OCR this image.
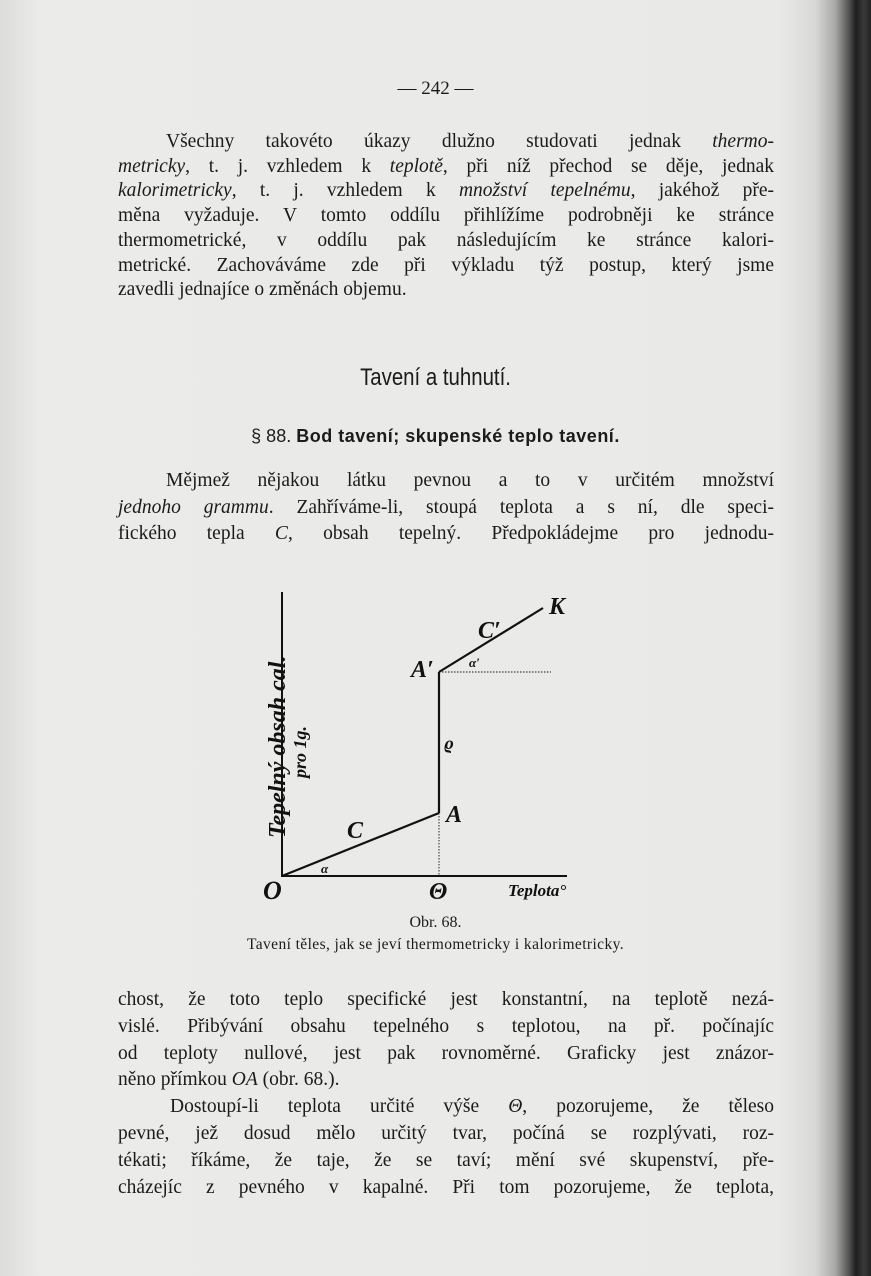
— 242 —
Všechny takovéto úkazy dlužno studovati jednak thermo-
metricky, t. j. vzhledem k teplotě, při níž přechod se děje, jednak
kalorimetricky, t. j. vzhledem k množství tepelnému, jakéhož pře-
měna vyžaduje. V tomto oddílu přihlížíme podrobněji ke stránce
thermometrické, v oddílu pak následujícím ke stránce kalori-
metrické. Zachováváme zde při výkladu týž postup, který jsme
zavedli jednajíce o změnách objemu.
Tavení a tuhnutí.
§ 88. Bod tavení; skupenské teplo tavení.
Mějmež nějakou látku pevnou a to v určitém množství
jednoho grammu. Zahříváme-li, stoupá teplota a s ní, dle speci-
fického tepla C, obsah tepelný. Předpokládejme pro jednodu-
Tepelný obsah cal. pro 1g.
O	Θ	Teplota°
A
A′
K
C
C′
ϱ
α
α′
Obr. 68.
Tavení těles, jak se jeví thermometricky i kalorimetricky.
chost, že toto teplo specifické jest konstantní, na teplotě nezá-
vislé. Přibývání obsahu tepelného s teplotou, na př. počínajíc
od teploty nullové, jest pak rovnoměrné. Graficky jest znázor-
něno přímkou OA (obr. 68.).
Dostoupí-li teplota určité výše Θ, pozorujeme, že těleso
pevné, jež dosud mělo určitý tvar, počíná se rozplývati, roz-
tékati; říkáme, že taje, že se taví; mění své skupenství, pře-
cházejíc z pevného v kapalné. Při tom pozorujeme, že teplota,
